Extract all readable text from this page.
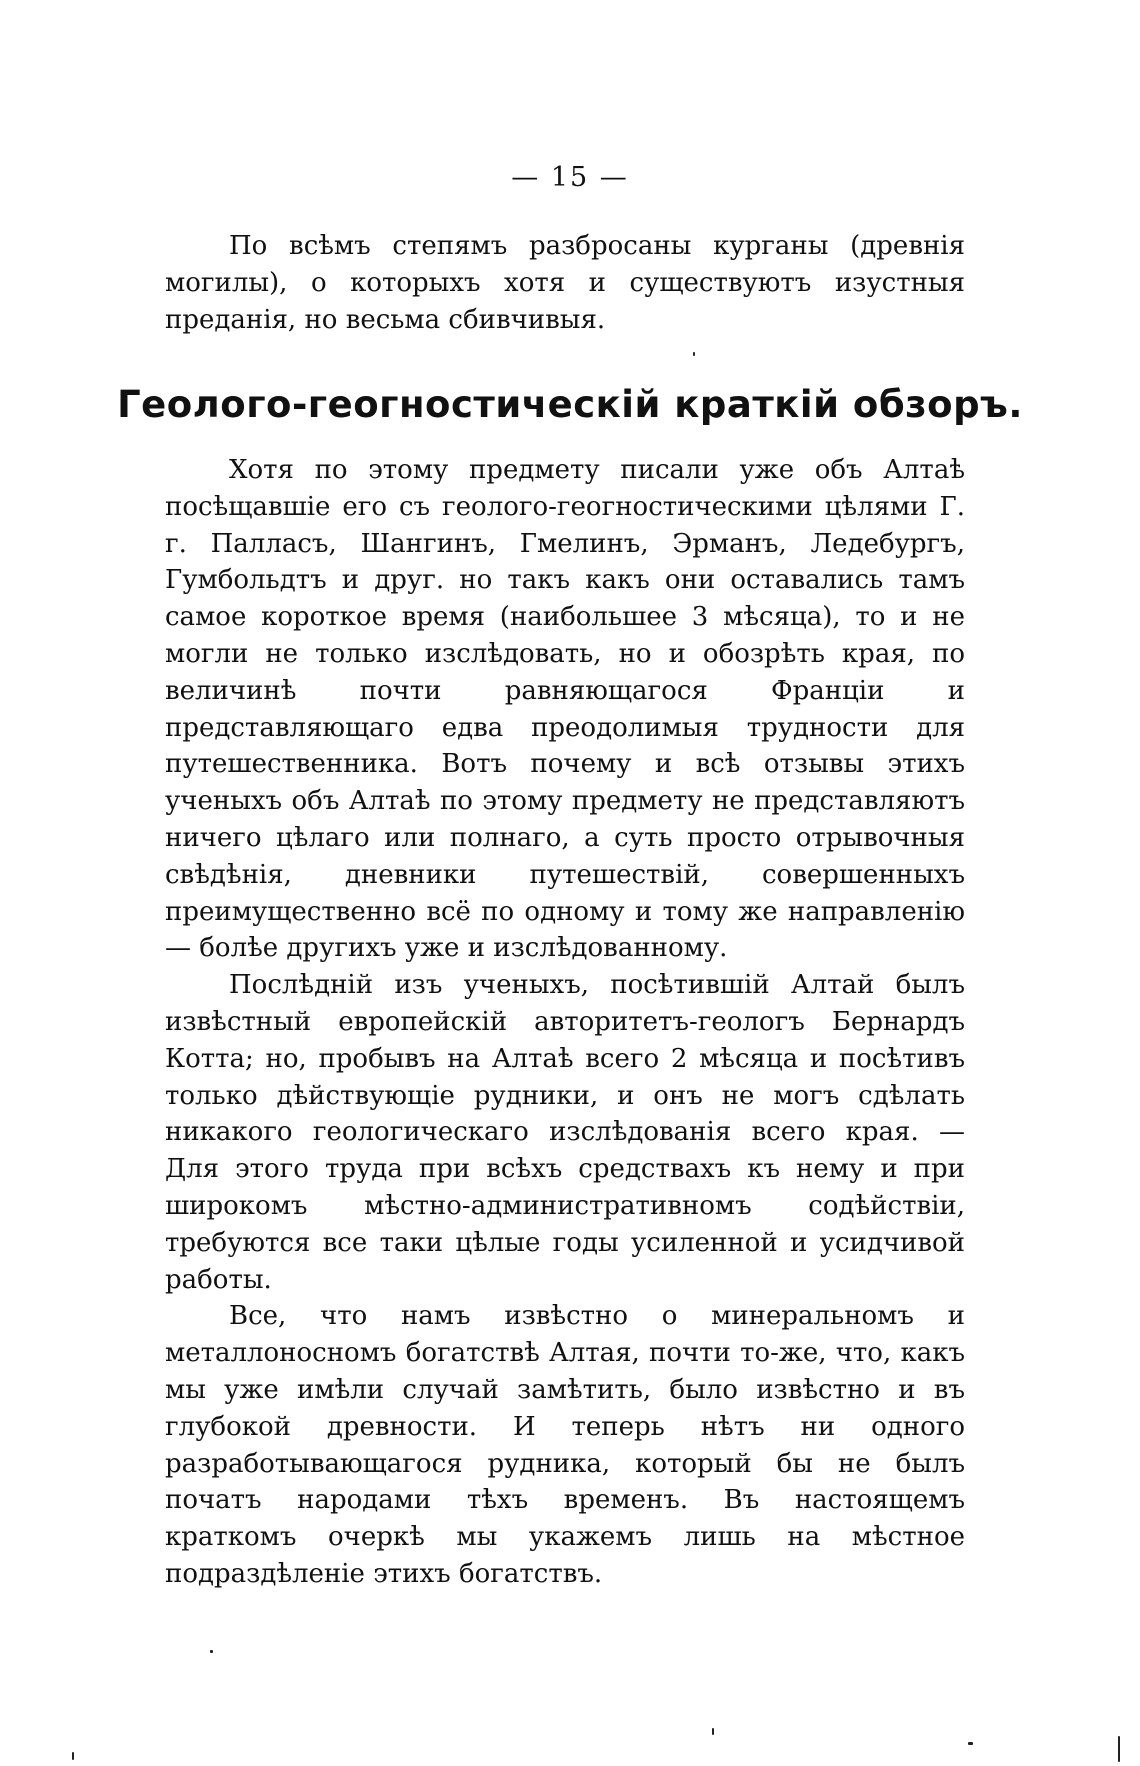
— 15 —

По всѣмъ степямъ разбросаны курганы (древнія могилы), о которыхъ хотя и существуютъ изустныя преданія, но весьма сбивчивыя.

Геолого-геогностическій краткій обзоръ.

Хотя по этому предмету писали уже объ Алтаѣ посѣщавшіе его съ геолого-геогностическими цѣлями Г. г. Палласъ, Шангинъ, Гмелинъ, Эрманъ, Ледебургъ, Гумбольдтъ и друг. но такъ какъ они оставались тамъ самое короткое время (наибольшее 3 мѣсяца), то и не могли не только изслѣдовать, но и обозрѣть края, по величинѣ почти равняющагося Франціи и представляющаго едва преодолимыя трудности для путешественника. Вотъ почему и всѣ отзывы этихъ ученыхъ объ Алтаѣ по этому предмету не представляютъ ничего цѣлаго или полнаго, а суть просто отрывочныя свѣдѣнія, дневники путешествій, совершенныхъ преимущественно всё по одному и тому же направленію — болѣе другихъ уже и изслѣдованному.

Послѣдній изъ ученыхъ, посѣтившій Алтай былъ извѣстный европейскій авторитетъ-геологъ Бернардъ Котта; но, пробывъ на Алтаѣ всего 2 мѣсяца и посѣтивъ только дѣйствующіе рудники, и онъ не могъ сдѣлать никакого геологическаго изслѣдованія всего края. — Для этого труда при всѣхъ средствахъ къ нему и при широкомъ мѣстно-административномъ содѣйствіи, требуются все таки цѣлые годы усиленной и усидчивой работы.

Все, что намъ извѣстно о минеральномъ и металлоносномъ богатствѣ Алтая, почти то-же, что, какъ мы уже имѣли случай замѣтить, было извѣстно и въ глубокой древности. И теперь нѣтъ ни одного разработывающагося рудника, который бы не былъ початъ народами тѣхъ временъ. Въ настоящемъ краткомъ очеркѣ мы укажемъ лишь на мѣстное подраздѣленіе этихъ богатствъ.
